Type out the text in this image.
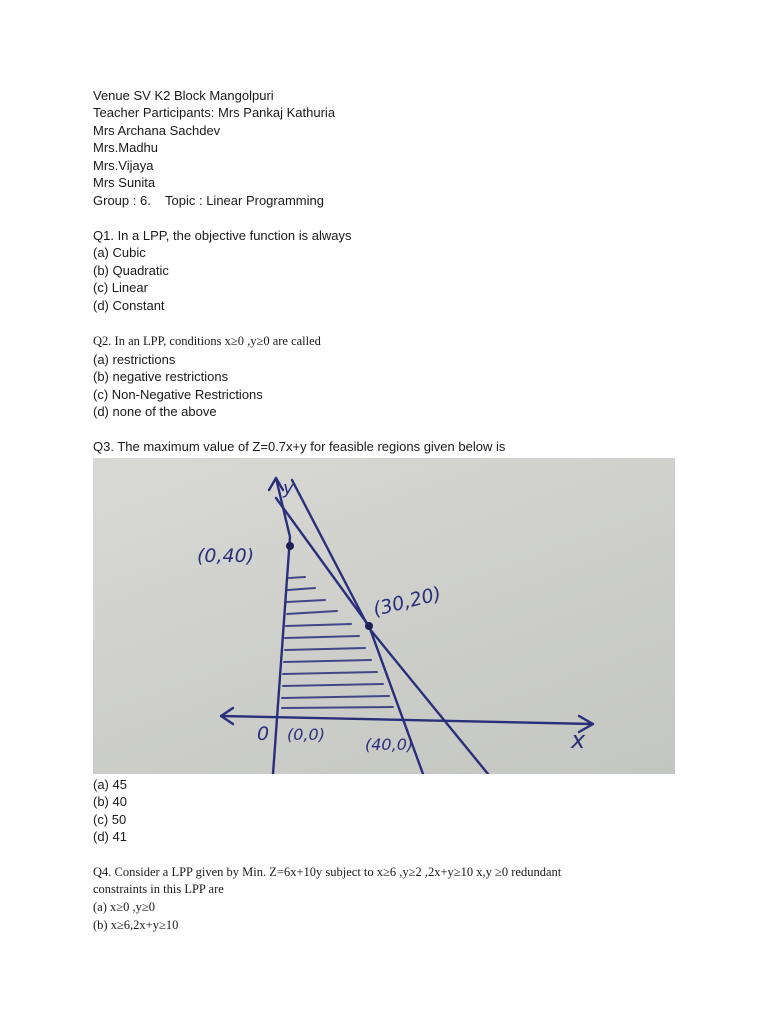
Venue SV K2 Block Mangolpuri
Teacher Participants: Mrs Pankaj Kathuria
Mrs Archana Sachdev
Mrs.Madhu
Mrs.Vijaya
Mrs Sunita
Group : 6.    Topic : Linear Programming
Q1. In a LPP, the objective function is always
(a) Cubic
(b) Quadratic
(c) Linear
(d) Constant
Q2. In an LPP, conditions x≥0 ,y≥0 are called
(a) restrictions
(b) negative restrictions
(c) Non-Negative Restrictions
(d) none of the above
Q3. The maximum value of Z=0.7x+y for feasible regions given below is
(0,40)
(30,20)
0 (0,0)
(40,0)	x
y
(a) 45
(b) 40
(c) 50
(d) 41
Q4. Consider a LPP given by Min. Z=6x+10y subject to x≥6 ,y≥2 ,2x+y≥10 x,y ≥0 redundant
constraints in this LPP are
(a) x≥0 ,y≥0
(b) x≥6,2x+y≥10
